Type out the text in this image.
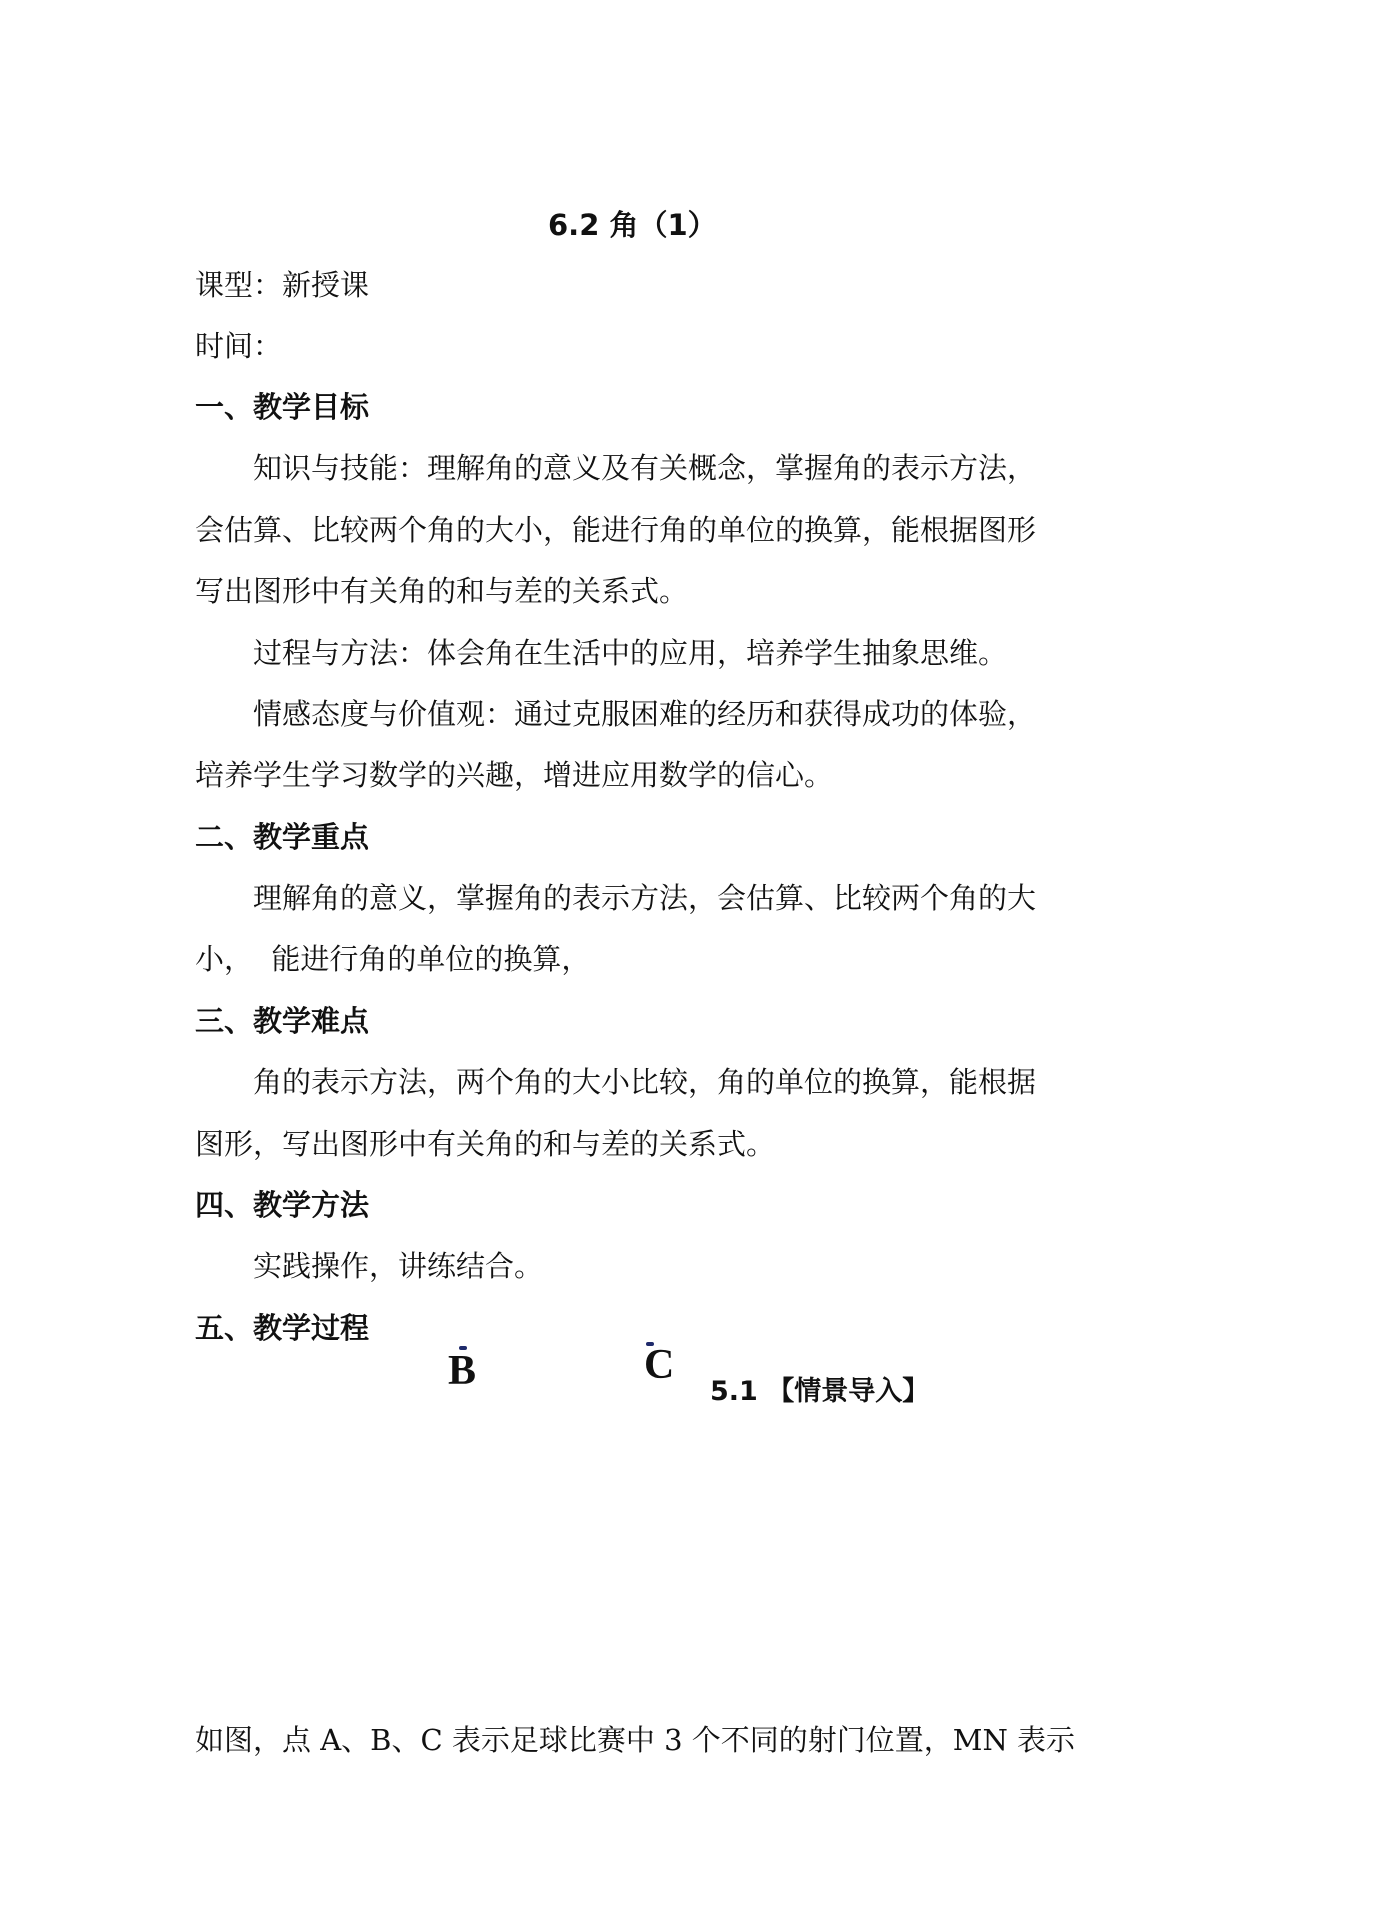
6.2 角（1）
课型：新授课
时间：
一、教学目标
知识与技能：理解角的意义及有关概念，掌握角的表示方法，
会估算、比较两个角的大小，能进行角的单位的换算，能根据图形
写出图形中有关角的和与差的关系式。
过程与方法：体会角在生活中的应用，培养学生抽象思维。
情感态度与价值观：通过克服困难的经历和获得成功的体验，
培养学生学习数学的兴趣，增进应用数学的信心。
二、教学重点
理解角的意义，掌握角的表示方法，会估算、比较两个角的大
小，  能进行角的单位的换算，
三、教学难点
角的表示方法，两个角的大小比较，角的单位的换算，能根据
图形，写出图形中有关角的和与差的关系式。
四、教学方法
实践操作，讲练结合。
五、教学过程
B	C
5.1 【情景导入】
如图，点 A、B、C 表示足球比赛中 3 个不同的射门位置，MN 表示
